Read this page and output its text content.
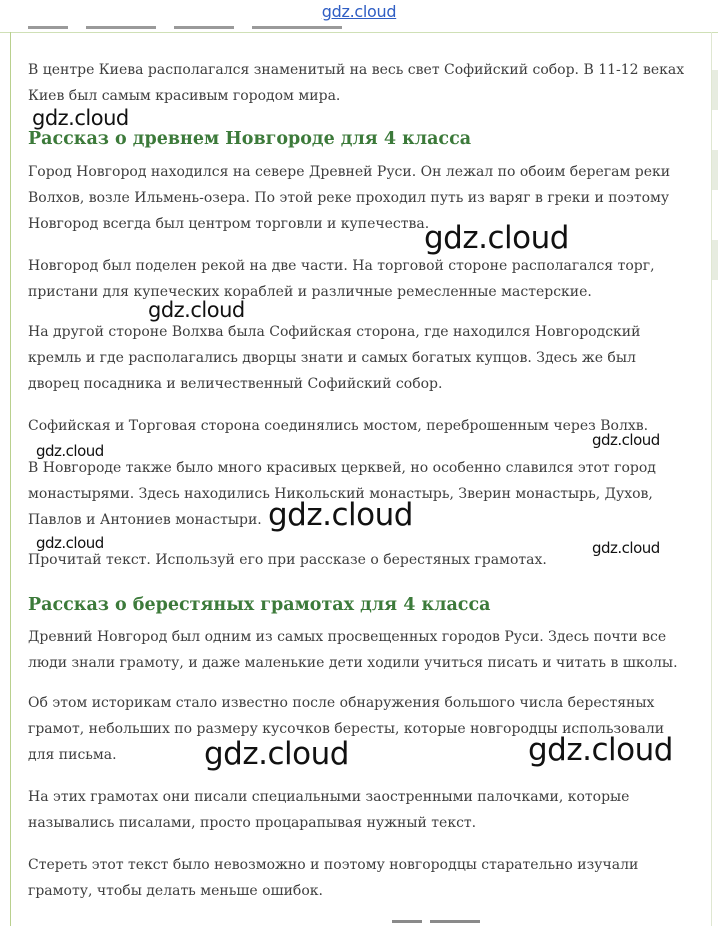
gdz.cloud

В центре Киева располагался знаменитый на весь свет Софийский собор. В 11-12 веках Киев был самым красивым городом мира.

Рассказ о древнем Новгороде для 4 класса

Город Новгород находился на севере Древней Руси. Он лежал по обоим берегам реки Волхов, возле Ильмень-озера. По этой реке проходил путь из варяг в греки и поэтому Новгород всегда был центром торговли и купечества.

Новгород был поделен рекой на две части. На торговой стороне располагался торг, пристани для купеческих кораблей и различные ремесленные мастерские.

На другой стороне Волхва была Софийская сторона, где находился Новгородский кремль и где располагались дворцы знати и самых богатых купцов. Здесь же был дворец посадника и величественный Софийский собор.

Софийская и Торговая сторона соединялись мостом, переброшенным через Волхв.

В Новгороде также было много красивых церквей, но особенно славился этот город монастырями. Здесь находились Никольский монастырь, Зверин монастырь, Духов, Павлов и Антониев монастыри.

Прочитай текст. Используй его при рассказе о берестяных грамотах.

Рассказ о берестяных грамотах для 4 класса

Древний Новгород был одним из самых просвещенных городов Руси. Здесь почти все люди знали грамоту, и даже маленькие дети ходили учиться писать и читать в школы.

Об этом историкам стало известно после обнаружения большого числа берестяных грамот, небольших по размеру кусочков бересты, которые новгородцы использовали для письма.

На этих грамотах они писали специальными заостренными палочками, которые назывались писалами, просто процарапывая нужный текст.

Стереть этот текст было невозможно и поэтому новгородцы старательно изучали грамоту, чтобы делать меньше ошибок.

gdz.cloud
gdz.cloud
gdz.cloud
gdz.cloud
gdz.cloud
gdz.cloud
gdz.cloud	gdz.cloud
gdz.cloud	gdz.cloud
